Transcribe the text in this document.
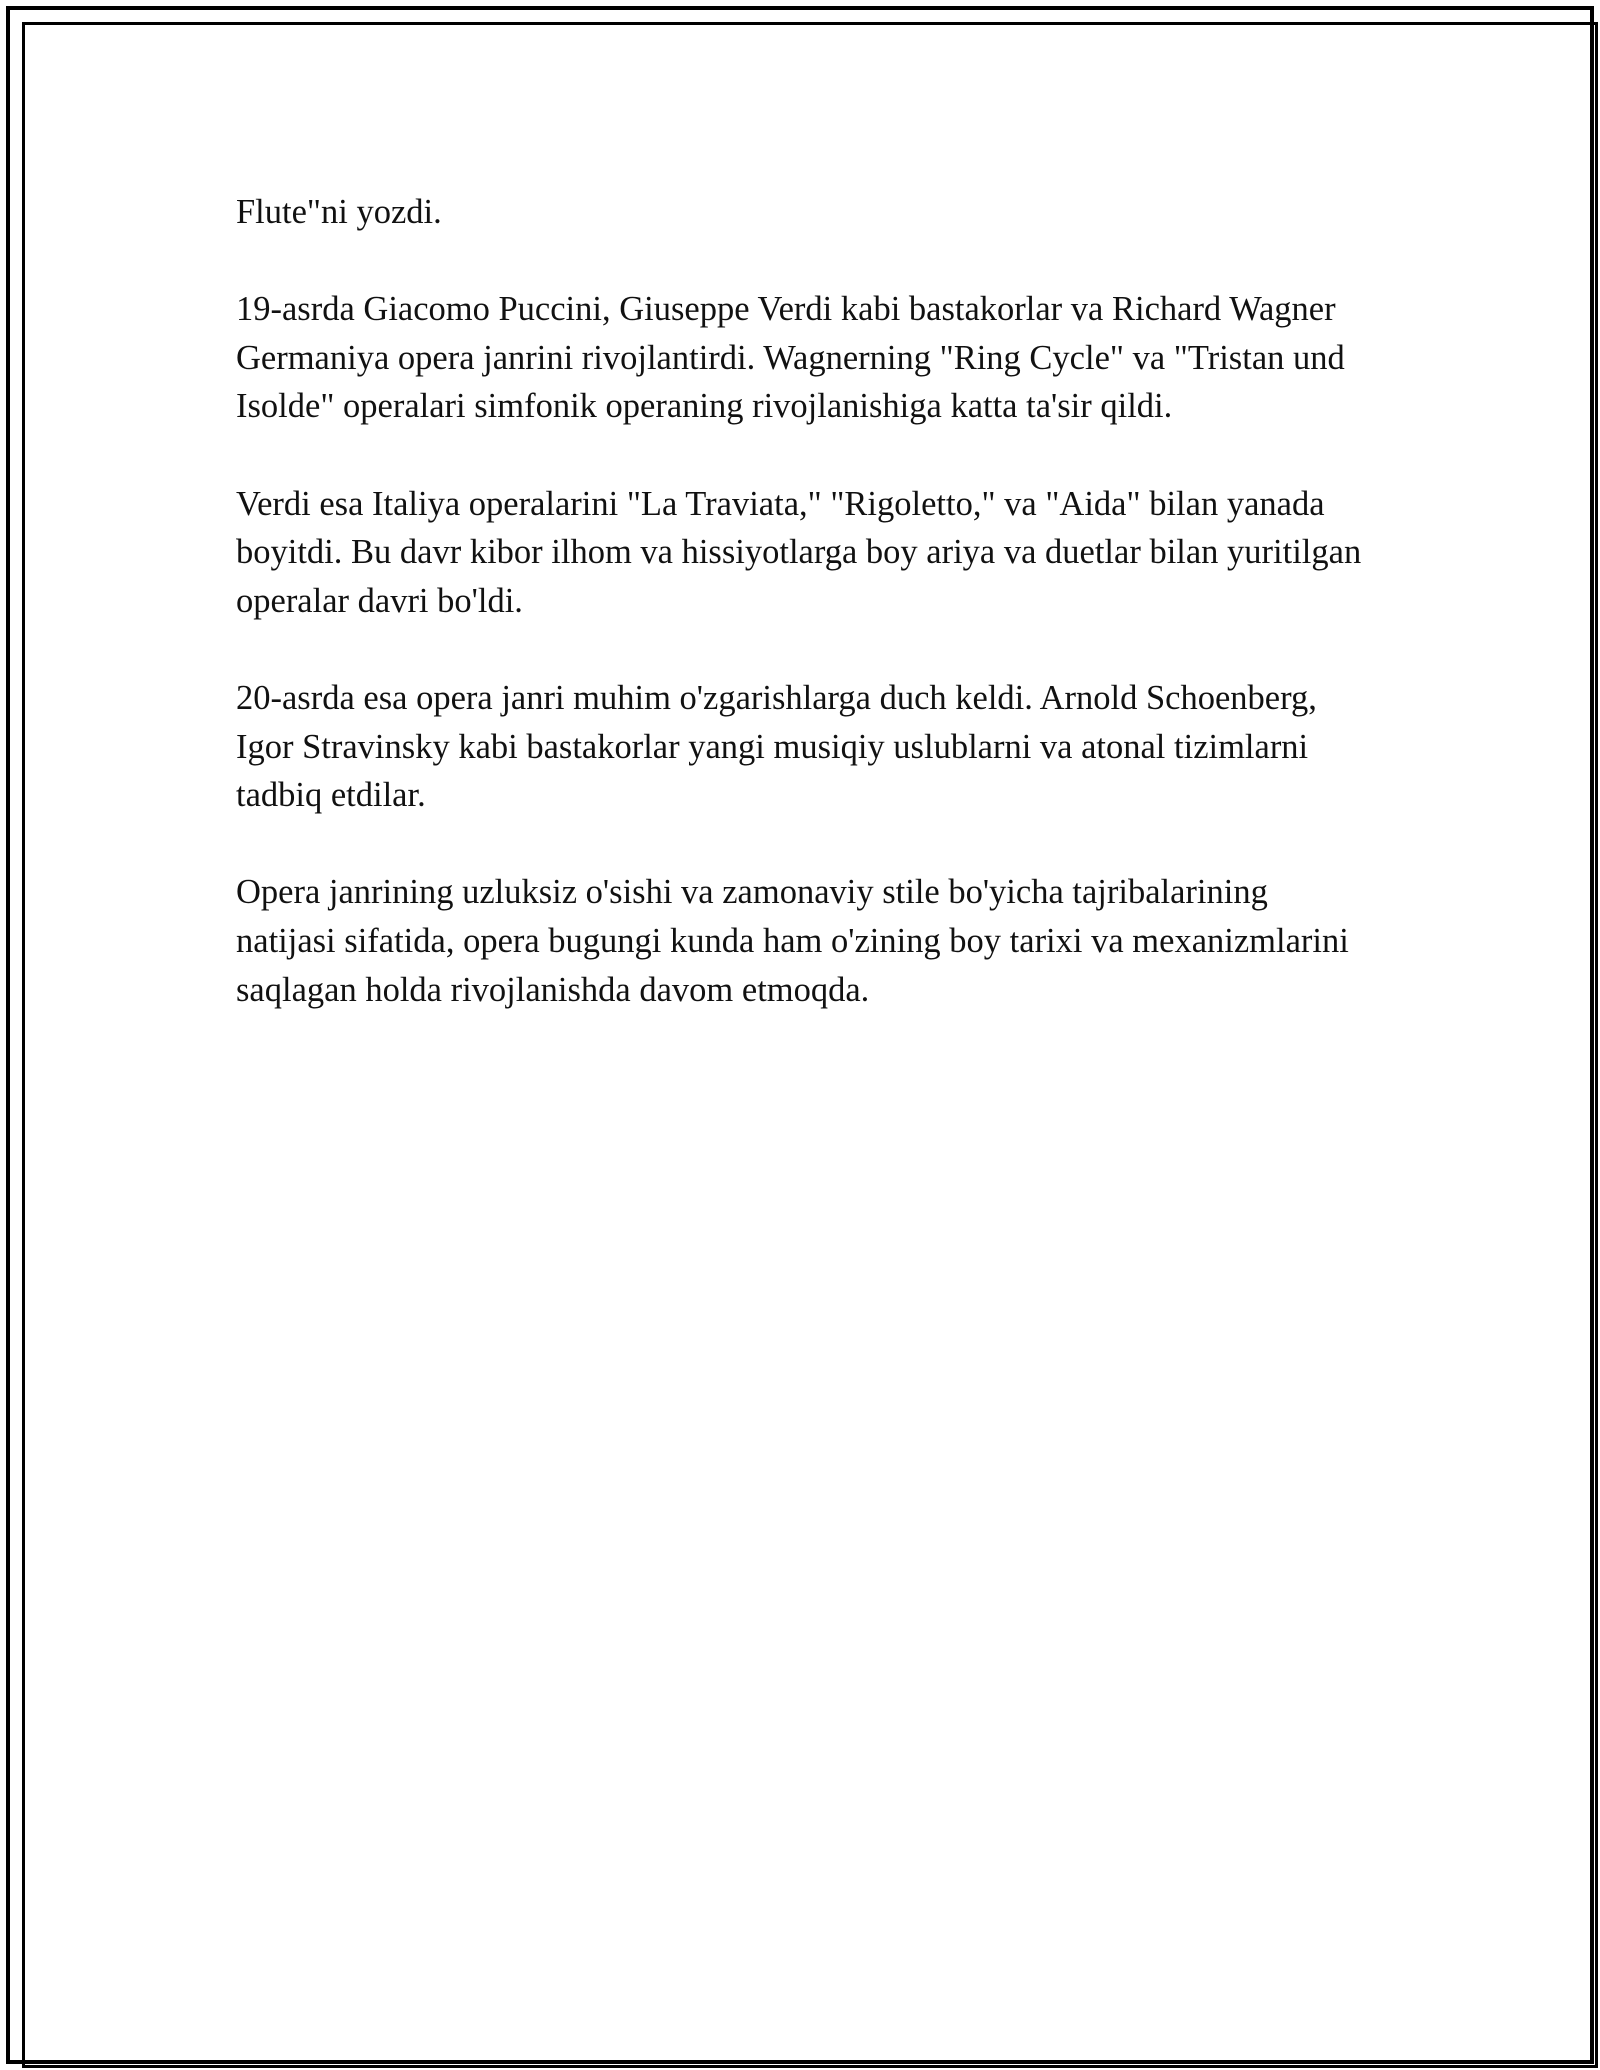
Flute"ni yozdi.

19-asrda Giacomo Puccini, Giuseppe Verdi kabi bastakorlar va Richard Wagner Germaniya opera janrini rivojlantirdi. Wagnerning "Ring Cycle" va "Tristan und Isolde" operalari simfonik operaning rivojlanishiga katta ta'sir qildi.

Verdi esa Italiya operalarini "La Traviata," "Rigoletto," va "Aida" bilan yanada boyitdi. Bu davr kibor ilhom va hissiyotlarga boy ariya va duetlar bilan yuritilgan operalar davri bo'ldi.

20-asrda esa opera janri muhim o'zgarishlarga duch keldi. Arnold Schoenberg, Igor Stravinsky kabi bastakorlar yangi musiqiy uslublarni va atonal tizimlarni tadbiq etdilar.

Opera janrining uzluksiz o'sishi va zamonaviy stile bo'yicha tajribalarining natijasi sifatida, opera bugungi kunda ham o'zining boy tarixi va mexanizmlarini saqlagan holda rivojlanishda davom etmoqda.
